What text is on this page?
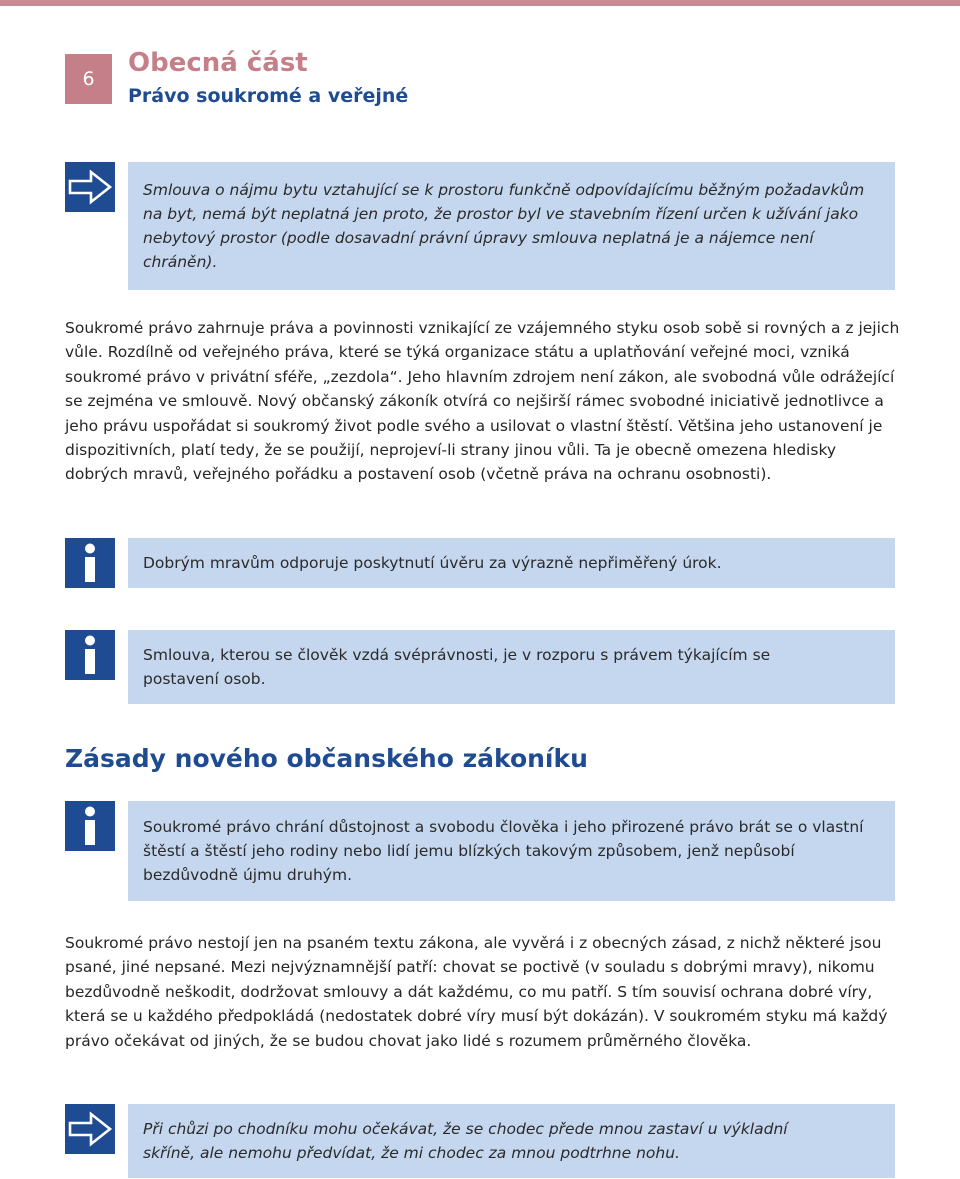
6
Obecná část
Právo soukromé a veřejné

Smlouva o nájmu bytu vztahující se k prostoru funkčně odpovídajícímu běžným požadavkům na byt, nemá být neplatná jen proto, že prostor byl ve stavebním řízení určen k užívání jako nebytový prostor (podle dosavadní právní úpravy smlouva neplatná je a nájemce není chráněn).

Soukromé právo zahrnuje práva a povinnosti vznikající ze vzájemného styku osob sobě si rovných a z jejich vůle. Rozdílně od veřejného práva, které se týká organizace státu a uplatňování veřejné moci, vzniká soukromé právo v privátní sféře, „zezdola“. Jeho hlavním zdrojem není zákon, ale svobodná vůle odrážející se zejména ve smlouvě. Nový občanský zákoník otvírá co nejširší rámec svobodné iniciativě jednotlivce a jeho právu uspořádat si soukromý život podle svého a usilovat o vlastní štěstí. Většina jeho ustanovení je dispozitivních, platí tedy, že se použijí, neprojeví-li strany jinou vůli. Ta je obecně omezena hledisky dobrých mravů, veřejného pořádku a postavení osob (včetně práva na ochranu osobnosti).

Dobrým mravům odporuje poskytnutí úvěru za výrazně nepřiměřený úrok.

Smlouva, kterou se člověk vzdá svéprávnosti, je v rozporu s právem týkajícím se postavení osob.

Zásady nového občanského zákoníku

Soukromé právo chrání důstojnost a svobodu člověka i jeho přirozené právo brát se o vlastní štěstí a štěstí jeho rodiny nebo lidí jemu blízkých takovým způsobem, jenž nepůsobí bezdůvodně újmu druhým.

Soukromé právo nestojí jen na psaném textu zákona, ale vyvěrá i z obecných zásad, z nichž některé jsou psané, jiné nepsané. Mezi nejvýznamnější patří: chovat se poctivě (v souladu s dobrými mravy), nikomu bezdůvodně neškodit, dodržovat smlouvy a dát každému, co mu patří. S tím souvisí ochrana dobré víry, která se u každého předpokládá (nedostatek dobré víry musí být dokázán). V soukromém styku má každý právo očekávat od jiných, že se budou chovat jako lidé s rozumem průměrného člověka.

Při chůzi po chodníku mohu očekávat, že se chodec přede mnou zastaví u výkladní skříně, ale nemohu předvídat, že mi chodec za mnou podtrhne nohu.
